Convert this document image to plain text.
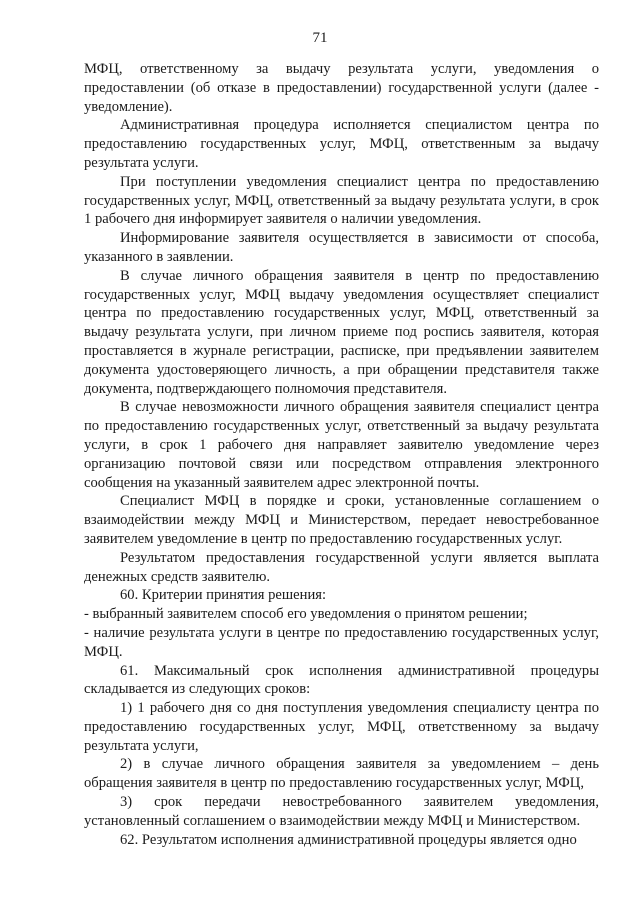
71

МФЦ, ответственному за выдачу результата услуги, уведомления о предоставлении (об отказе в предоставлении) государственной услуги (далее - уведомление).

Административная процедура исполняется специалистом центра по предоставлению государственных услуг, МФЦ, ответственным за выдачу результата услуги.

При поступлении уведомления специалист центра по предоставлению государственных услуг, МФЦ, ответственный за выдачу результата услуги, в срок 1 рабочего дня информирует заявителя о наличии уведомления.

Информирование заявителя осуществляется в зависимости от способа, указанного в заявлении.

В случае личного обращения заявителя в центр по предоставлению государственных услуг, МФЦ выдачу уведомления осуществляет специалист центра по предоставлению государственных услуг, МФЦ, ответственный за выдачу результата услуги, при личном приеме под роспись заявителя, которая проставляется в журнале регистрации, расписке, при предъявлении заявителем документа удостоверяющего личность, а при обращении представителя также документа, подтверждающего полномочия представителя.

В случае невозможности личного обращения заявителя специалист центра по предоставлению государственных услуг, ответственный за выдачу результата услуги, в срок 1 рабочего дня направляет заявителю уведомление через организацию почтовой связи или посредством отправления электронного сообщения на указанный заявителем адрес электронной почты.

Специалист МФЦ в порядке и сроки, установленные соглашением о взаимодействии между МФЦ и Министерством, передает невостребованное заявителем уведомление в центр по предоставлению государственных услуг.

Результатом предоставления государственной услуги является выплата денежных средств заявителю.

60. Критерии принятия решения:

- выбранный заявителем способ его уведомления о принятом решении;

- наличие результата услуги в центре по предоставлению государственных услуг, МФЦ.

61. Максимальный срок исполнения административной процедуры складывается из следующих сроков:

1) 1 рабочего дня со дня поступления уведомления специалисту центра по предоставлению государственных услуг, МФЦ, ответственному за выдачу результата услуги,

2) в случае личного обращения заявителя за уведомлением – день обращения заявителя в центр по предоставлению государственных услуг, МФЦ,

3) срок передачи невостребованного заявителем уведомления, установленный соглашением о взаимодействии между МФЦ и Министерством.

62. Результатом исполнения административной процедуры является одно
